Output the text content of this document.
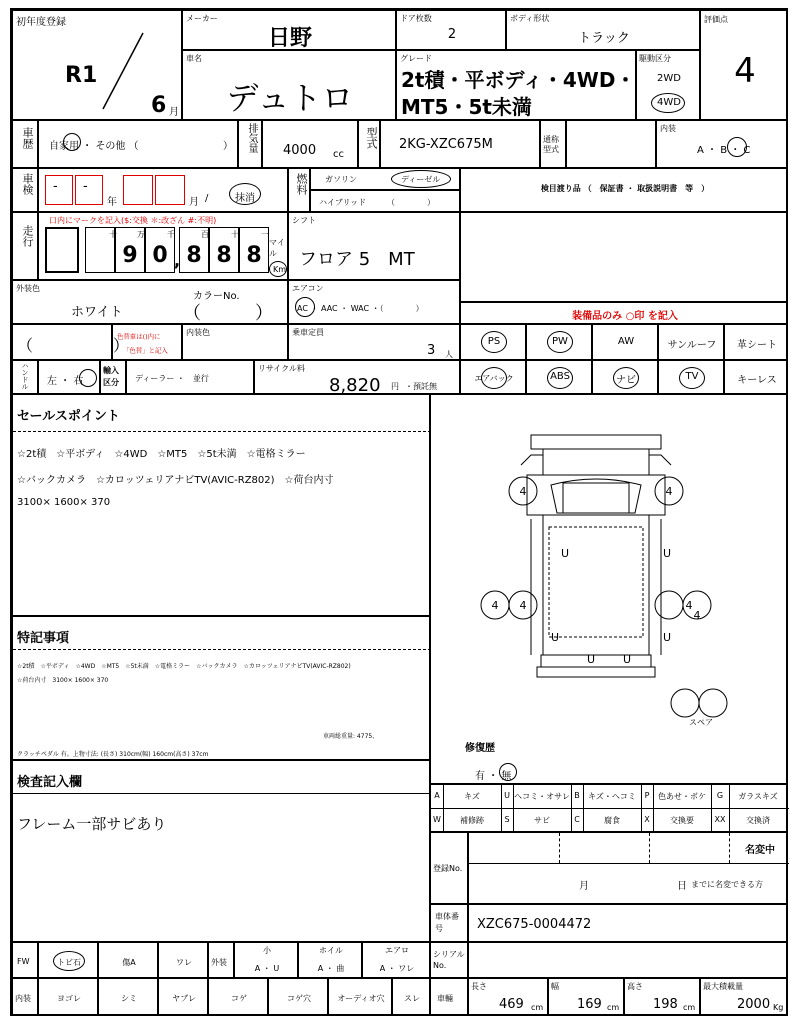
初年度登録
R1
6 月
メーカー
日野
ドア枚数
2
ボディ形状
トラック
評価点
4
車名
デュトロ
グレード
2t積・平ボディ・4WD・
MT5・5t未満
駆動区分
2WD
4WD
車歴 自家用 ・ その他 （	） 排気量 4000 cc
型式 2KG-XZC675M	通称型式
内装
A ・ B ・ C
車検 - -
年	月 /	抹消
燃料 ガソリン	ディーゼル
ハイブリッド	（　　　　）
検目渡り品 （　保証書 ・ 取扱説明書　等　）
走行
口内にマークを記入($:交換 ＊:改ざん #:不明)
十	万	千	百	十	一
9 0 , 8 8 8
マイル
Km
シフト
フロア 5　MT
外装色
ホワイト
カラーNo.
（　　　）
エアコン
AC ・ AAC ・ WAC ・（　　　　）
装備品のみ ○印 を記入
（　　　　　）
色替車は()内に
「色替」と記入
内装色	乗車定員
3 人
PS	PW	AW	サンルーフ	革シート
ハンドル 左 ・ 右
輸入区分	ディーラー ・　並行
リサイクル料
8,820 円 ・預託無
エアバック	ABS	ナビ	TV	キーレス
セールスポイント
☆2t積　☆平ボディ　☆4WD　☆MT5　☆5t未満　☆電格ミラー
☆バックカメラ　☆カロッツェリアナビTV(AVIC-RZ802)　☆荷台内寸
3100× 1600× 370
特記事項
☆2t積　☆平ボディ　☆4WD　☆MT5　☆5t未満　☆電格ミラー　☆バックカメラ　☆カロッツェリアナビTV(AVIC-RZ802)
☆荷台内寸　3100× 1600× 370
車両総重量: 4775、
クラッチペダル 有。上物寸法: (長さ) 310cm(幅) 160cm(高さ) 37cm
検査記入欄
フレーム一部サビあり
4	4
U	U
4 4	4
4
U	U
U	U
スペア
修復歴
有 ・ 無
A	キズ	U ヘコミ・オサレ B	キズ・ヘコミ	P	色あせ・ボケ	G	ガラスキズ
W	補修跡	S	サビ	C	腐食	X	交換要	XX	交換済
登録No.
名変中
月	日 までに名変できる方
車体番号	XZC675-0004472
FW	トビ石	傷A	ワレ	外装
小
A ・ U
ホイル
A ・ 曲
エアロ
A ・ ワレ
シリアルNo.
内装	ヨゴレ	シミ	ヤブレ	コゲ	コゲ穴	オーディオ穴	スレ	車輛
長さ
469 cm
幅
169 cm
高さ
198 cm
最大積載量
2000 Kg
